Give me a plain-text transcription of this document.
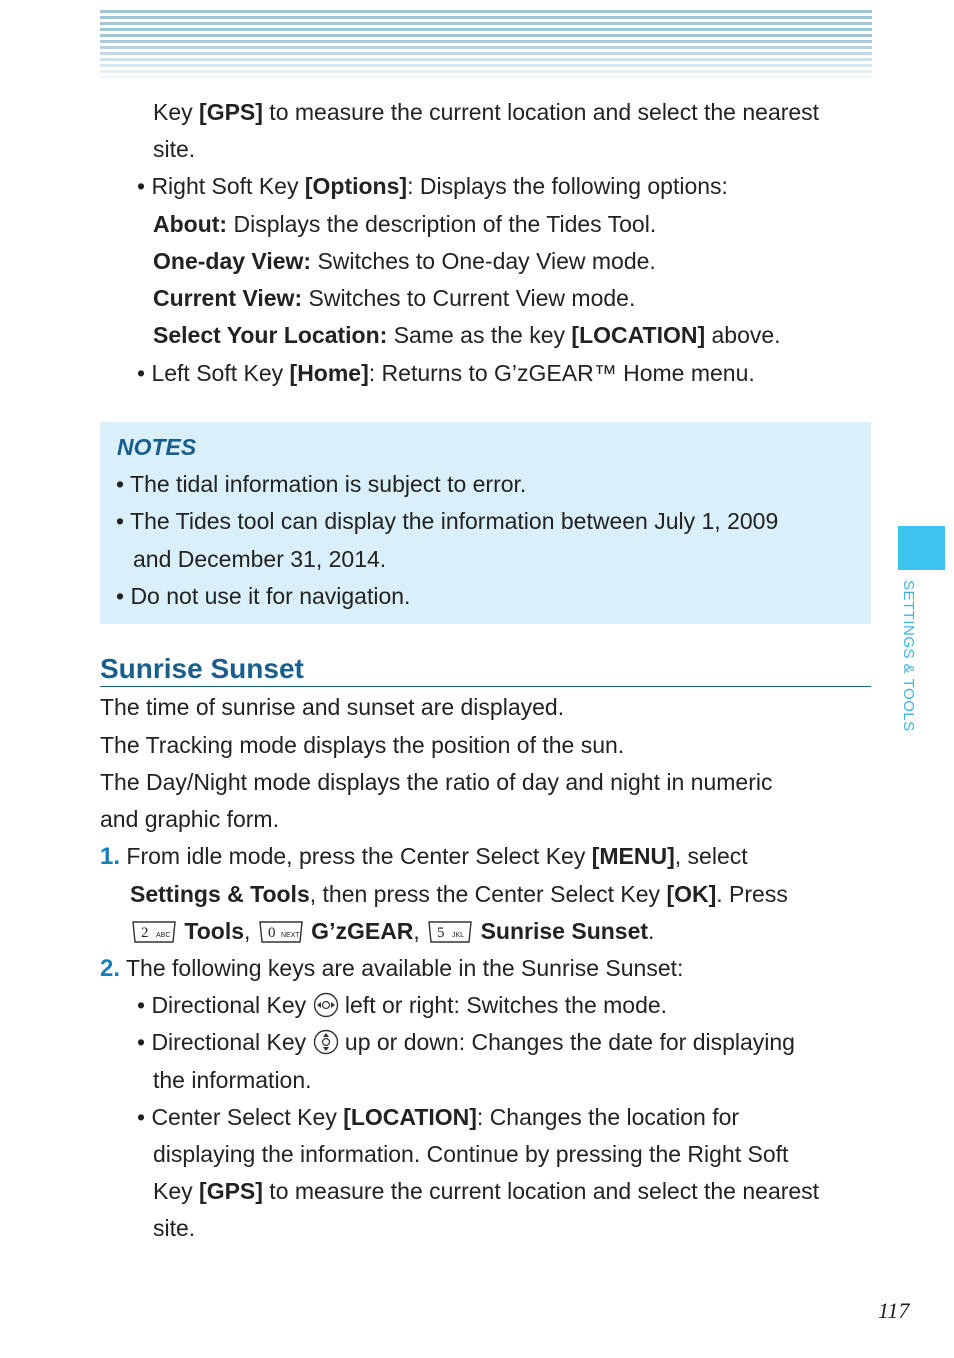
Key [GPS] to measure the current location and select the nearest
site.
• Right Soft Key [Options]: Displays the following options:
About: Displays the description of the Tides Tool.
One-day View: Switches to One-day View mode.
Current View: Switches to Current View mode.
Select Your Location: Same as the key [LOCATION] above.
• Left Soft Key [Home]: Returns to G’zGEAR™ Home menu.
NOTES
• The tidal information is subject to error.
• The Tides tool can display the information between July 1, 2009
and December 31, 2014.
• Do not use it for navigation.
Sunrise Sunset
The time of sunrise and sunset are displayed.
The Tracking mode displays the position of the sun.
The Day/Night mode displays the ratio of day and night in numeric
and graphic form.
1. From idle mode, press the Center Select Key [MENU], select
Settings & Tools, then press the Center Select Key [OK]. Press
2 ABC Tools, 0 NEXT G’zGEAR, 5 JKL Sunrise Sunset.
2. The following keys are available in the Sunrise Sunset:
• Directional Key  left or right: Switches the mode.
• Directional Key  up or down: Changes the date for displaying
the information.
• Center Select Key [LOCATION]: Changes the location for
displaying the information. Continue by pressing the Right Soft
Key [GPS] to measure the current location and select the nearest
site.
SETTINGS & TOOLS
117
